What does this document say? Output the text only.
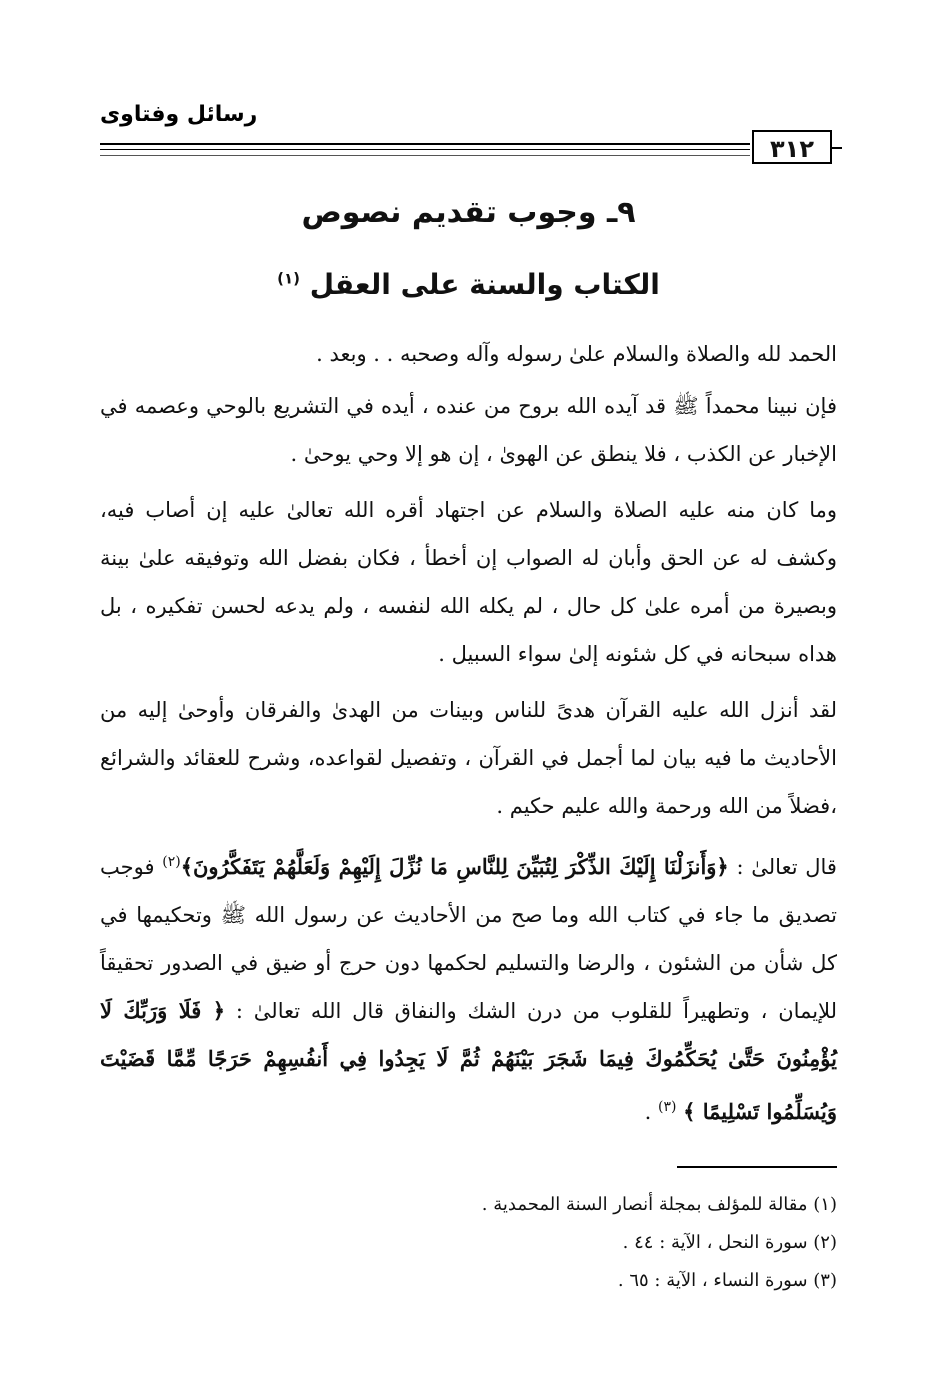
رسائل وفتاوى
٣١٢
٩ـ وجوب تقديم نصوص
الكتاب والسنة على العقل $^{(١)}$

الحمد لله والصلاة والسلام علىٰ رسوله وآله وصحبه . . وبعد .

فإن نبينا محمداً ﷺ قد آيده الله بروح من عنده ، أيده في التشريع بالوحي وعصمه في الإخبار عن الكذب ، فلا ينطق عن الهوىٰ ، إن هو إلا وحي يوحىٰ .

وما كان منه عليه الصلاة والسلام عن اجتهاد أقره الله تعالىٰ عليه إن أصاب فيه، وكشف له عن الحق وأبان له الصواب إن أخطأ ، فكان بفضل الله وتوفيقه علىٰ بينة وبصيرة من أمره علىٰ كل حال ، لم يكله الله لنفسه ، ولم يدعه لحسن تفكيره ، بل هداه سبحانه في كل شئونه إلىٰ سواء السبيل .

لقد أنزل الله عليه القرآن هدىً للناس وبينات من الهدىٰ والفرقان وأوحىٰ إليه من الأحاديث ما فيه بيان لما أجمل في القرآن ، وتفصيل لقواعده، وشرح للعقائد والشرائع ،فضلاً من الله ورحمة والله عليم حكيم .

قال تعالىٰ : ﴿وَأَنزَلْنَا إِلَيْكَ الذِّكْرَ لِتُبَيِّنَ لِلنَّاسِ مَا نُزِّلَ إِلَيْهِمْ وَلَعَلَّهُمْ يَتَفَكَّرُونَ﴾$^{(٢)}$ فوجب تصديق ما جاء في كتاب الله وما صح من الأحاديث عن رسول الله ﷺ وتحكيمها في كل شأن من الشئون ، والرضا والتسليم لحكمها دون حرج أو ضيق في الصدور تحقيقاً للإيمان ، وتطهيراً للقلوب من درن الشك والنفاق قال الله تعالىٰ : ﴿ فَلَا وَرَبِّكَ لَا يُؤْمِنُونَ حَتَّىٰ يُحَكِّمُوكَ فِيمَا شَجَرَ بَيْنَهُمْ ثُمَّ لَا يَجِدُوا فِي أَنفُسِهِمْ حَرَجًا مِّمَّا قَضَيْتَ وَيُسَلِّمُوا تَسْلِيمًا ﴾ $^{(٣)}$ .

(١) مقالة للمؤلف بمجلة أنصار السنة المحمدية .
(٢) سورة النحل ، الآية : ٤٤ .
(٣) سورة النساء ، الآية : ٦٥ .
